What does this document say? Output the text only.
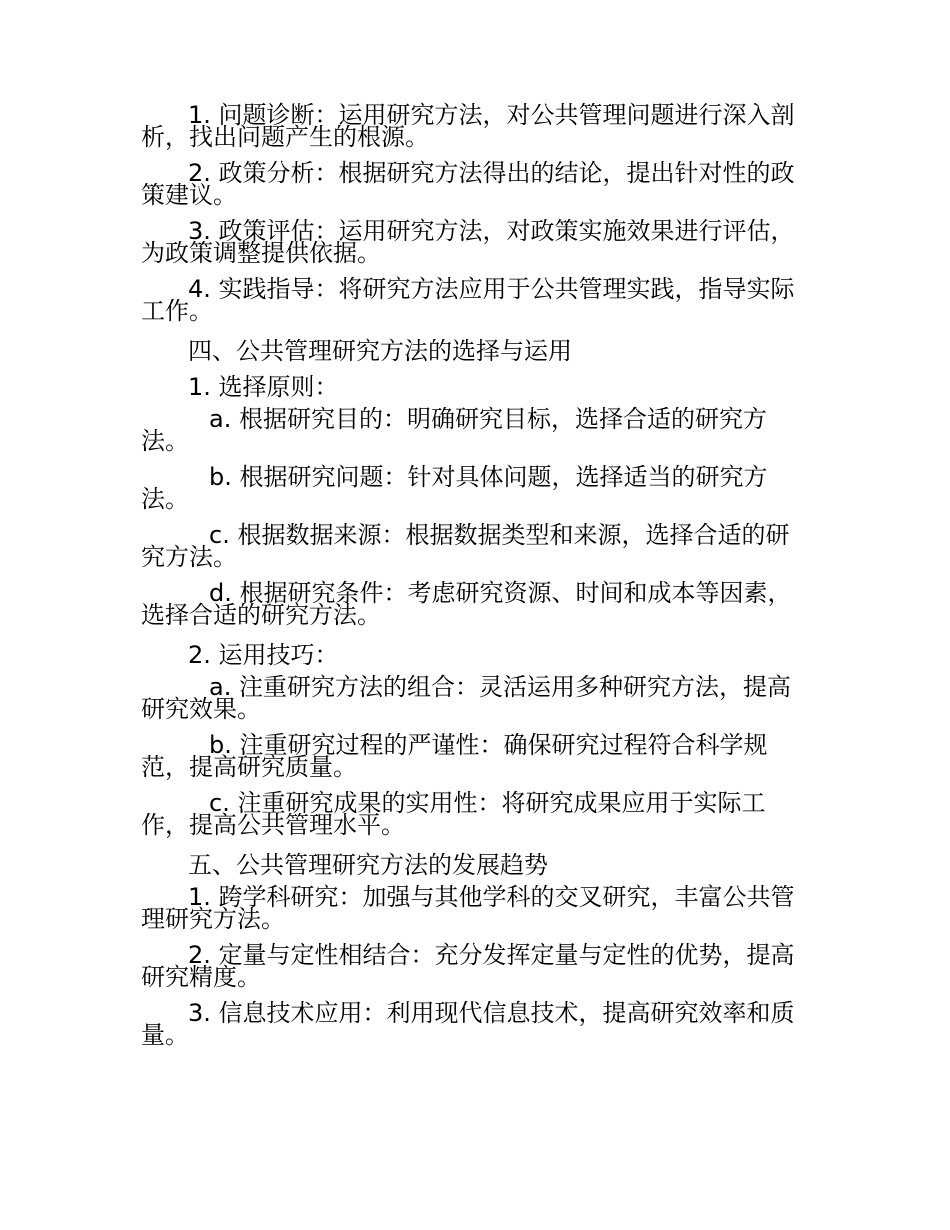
1. 问题诊断：运用研究方法，对公共管理问题进行深入剖析，找出问题产生的根源。

2. 政策分析：根据研究方法得出的结论，提出针对性的政策建议。

3. 政策评估：运用研究方法，对政策实施效果进行评估，为政策调整提供依据。

4. 实践指导：将研究方法应用于公共管理实践，指导实际工作。

四、公共管理研究方法的选择与运用

1. 选择原则：

a. 根据研究目的：明确研究目标，选择合适的研究方法。

b. 根据研究问题：针对具体问题，选择适当的研究方法。

c. 根据数据来源：根据数据类型和来源，选择合适的研究方法。

d. 根据研究条件：考虑研究资源、时间和成本等因素，选择合适的研究方法。

2. 运用技巧：

a. 注重研究方法的组合：灵活运用多种研究方法，提高研究效果。

b. 注重研究过程的严谨性：确保研究过程符合科学规范，提高研究质量。

c. 注重研究成果的实用性：将研究成果应用于实际工作，提高公共管理水平。

五、公共管理研究方法的发展趋势

1. 跨学科研究：加强与其他学科的交叉研究，丰富公共管理研究方法。

2. 定量与定性相结合：充分发挥定量与定性的优势，提高研究精度。

3. 信息技术应用：利用现代信息技术，提高研究效率和质量。
